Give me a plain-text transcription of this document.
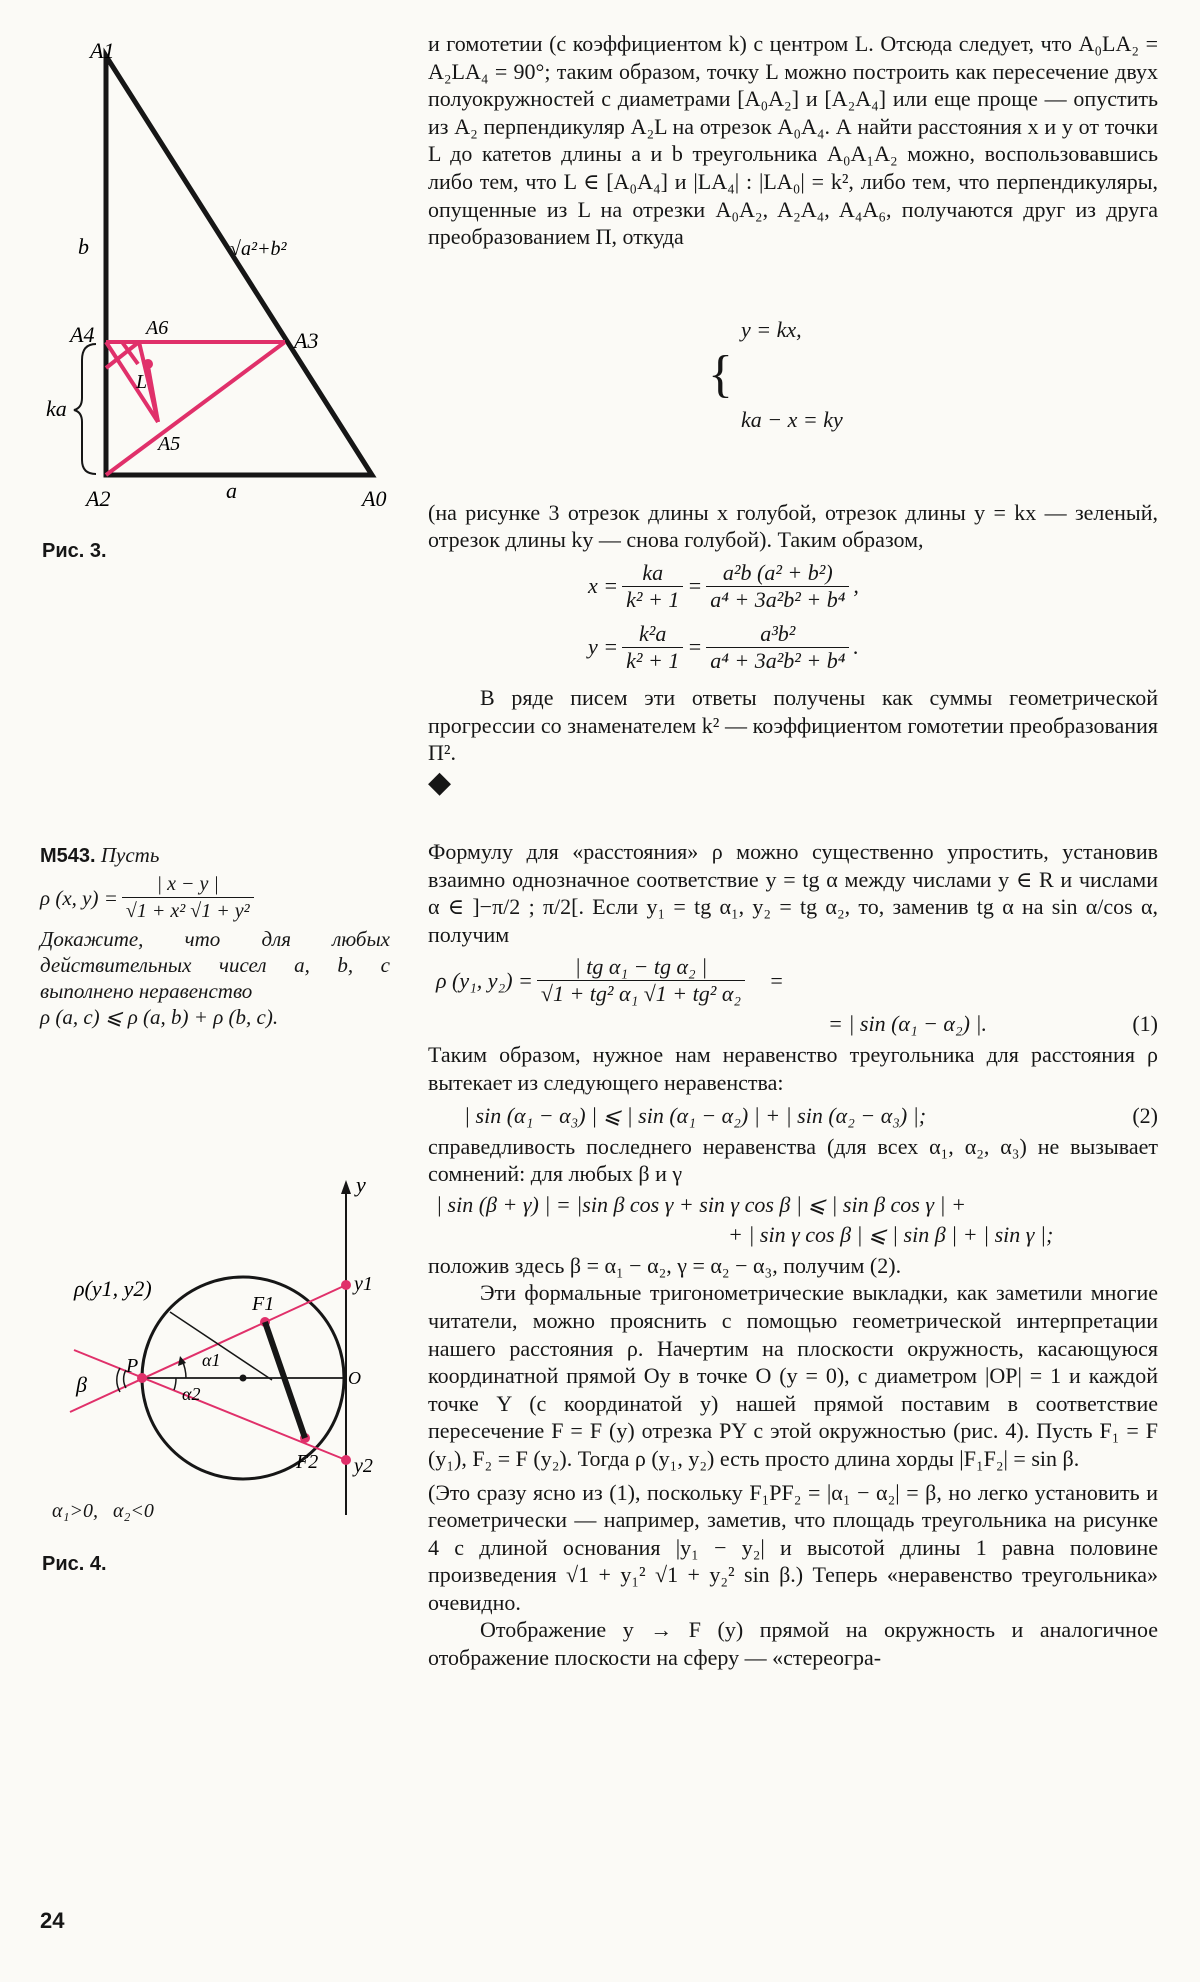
A1
b	√a²+b²
A4	A6	A3
L
ka
A5
A2	a	A0
Рис. 3.
М543. Пусть
ρ (x, $y) = \frac{| x - y |}{\text{√1 + x² √1 + y²}}$
Докажите, что для любых действительных чисел a, b, с выполнено неравенство
ρ (a, c) ⩽ ρ (a, b) + ρ (b, c).
y
y1
y2
ρ(y1, y2)
F1
F2
P
O
β
α1
α2
α₁>0,   α₂<0
Рис. 4.
24

и гомотетии (с коэффициентом k) с центром L. Отсюда следует, что A₀LA₂ = A₂LA₄ = 90°; таким образом, точку L можно построить как пересечение двух полуокружностей с диаметрами [A₀A₂] и [A₂A₄] или еще проще — опустить из A₂ перпендикуляр A₂L на отрезок A₀A₄. А найти расстояния x и y от точки L до катетов длины a и b треугольника A₀A₁A₂ можно, воспользовавшись либо тем, что L ∈ [A₀A₄] и |LA₄| : |LA₀| = k², либо тем, что перпендикуляры, опущенные из L на отрезки A₀A₂, A₂A₄, A₄A₆, получаются друг из друга преобразованием Π, откуда

{

y = kx,

ka − x = ky

(на рисунке 3 отрезок длины x голубой, отрезок длины y = kx — зеленый, отрезок длины ky — снова голубой). Таким образом,

$x = \frac{ka}{\text{k² + 1}} = \frac{\text{a²b (a² + b²)}}{\text{a⁴ + 3a²b² + b⁴}}$ ,
$y = \frac{\text{k²a}}{\text{k² + 1}} = \frac{\text{a³b²}}{\text{a⁴ + 3a²b² + b⁴}}$ .

В ряде писем эти ответы получены как суммы геометрической прогрессии со знаменателем k² — коэффициентом гомотетии преобразования Π².

◆

Формулу для «расстояния» ρ можно существенно упростить, установив взаимно однозначное соответствие y = tg α между числами y ∈ R и числами α ∈ ]−π/2 ; π/2[. Если y₁ = tg α₁, y₂ = tg α₂, то, заменив tg α на sin α/cos α, получим

ρ (y₁, $y_2) = \frac{\text{| tg α₁ − tg α₂ |}}{\text{√1 + tg² α₁ √1 + tg² α₂}}$ =
= | sin (α₁ − α₂) |.	(1)

Таким образом, нужное нам неравенство треугольника для расстояния ρ вытекает из следующего неравенства:

| sin (α₁ − α₃) | ⩽ | sin (α₁ − α₂) | + | sin (α₂ − α₃) |;	(2)

справедливость последнего неравенства (для всех α₁, α₂, α₃) не вызывает сомнений: для любых β и γ

| sin (β + γ) | = |sin β cos γ + sin γ cos β | ⩽ | sin β cos γ | +
+ | sin γ cos β | ⩽ | sin β | + | sin γ |;

положив здесь β = α₁ − α₂, γ = α₂ − α₃, получим (2).

Эти формальные тригонометрические выкладки, как заметили многие читатели, можно прояснить с помощью геометрической интерпретации нашего расстояния ρ. Начертим на плоскости окружность, касающуюся координатной прямой Oy в точке O (y = 0), с диаметром |OP| = 1 и каждой точке Y (с координатой y) нашей прямой поставим в соответствие пересечение F = F (y) отрезка PY с этой окружностью (рис. 4). Пусть F₁ = F (y₁), F₂ = F (y₂). Тогда ρ (y₁, y₂) есть просто длина хорды |F₁F₂| = sin β.

(Это сразу ясно из (1), поскольку F₁PF₂ = |α₁ − α₂| = β, но легко установить и геометрически — например, заметив, что площадь треугольника на рисунке 4 с длиной основания |y₁ − y₂| и высотой длины 1 равна половине произведения √1 + y₁² √1 + y₂² sin β.) Теперь «неравенство треугольника» очевидно.

Отображение y → F (y) прямой на окружность и аналогичное отображение плоскости на сферу — «стереогра-
